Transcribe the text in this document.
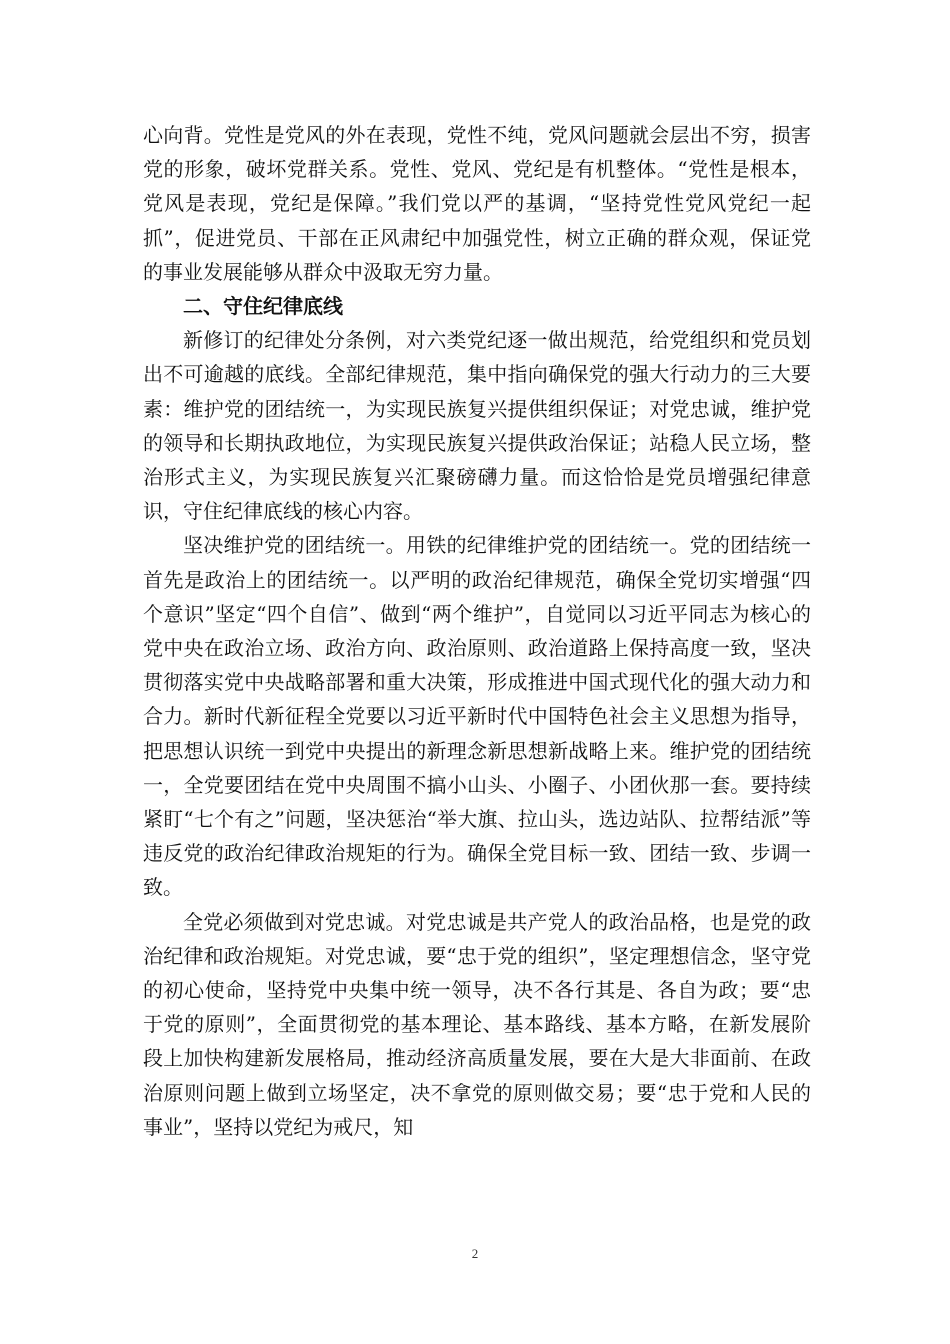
心向背。党性是党风的外在表现，党性不纯，党风问题就会层出不穷，损害党的形象，破坏党群关系。党性、党风、党纪是有机整体。“党性是根本，党风是表现，党纪是保障。”我们党以严的基调，“坚持党性党风党纪一起抓”，促进党员、干部在正风肃纪中加强党性，树立正确的群众观，保证党的事业发展能够从群众中汲取无穷力量。

二、守住纪律底线

新修订的纪律处分条例，对六类党纪逐一做出规范，给党组织和党员划出不可逾越的底线。全部纪律规范，集中指向确保党的强大行动力的三大要素：维护党的团结统一，为实现民族复兴提供组织保证；对党忠诚，维护党的领导和长期执政地位，为实现民族复兴提供政治保证；站稳人民立场，整治形式主义，为实现民族复兴汇聚磅礴力量。而这恰恰是党员增强纪律意识，守住纪律底线的核心内容。

坚决维护党的团结统一。用铁的纪律维护党的团结统一。党的团结统一首先是政治上的团结统一。以严明的政治纪律规范，确保全党切实增强“四个意识”坚定“四个自信”、做到“两个维护”，自觉同以习近平同志为核心的党中央在政治立场、政治方向、政治原则、政治道路上保持高度一致，坚决贯彻落实党中央战略部署和重大决策，形成推进中国式现代化的强大动力和合力。新时代新征程全党要以习近平新时代中国特色社会主义思想为指导，把思想认识统一到党中央提出的新理念新思想新战略上来。维护党的团结统一，全党要团结在党中央周围不搞小山头、小圈子、小团伙那一套。要持续紧盯“七个有之”问题，坚决惩治“举大旗、拉山头，选边站队、拉帮结派”等违反党的政治纪律政治规矩的行为。确保全党目标一致、团结一致、步调一致。

全党必须做到对党忠诚。对党忠诚是共产党人的政治品格，也是党的政治纪律和政治规矩。对党忠诚，要“忠于党的组织”，坚定理想信念，坚守党的初心使命，坚持党中央集中统一领导，决不各行其是、各自为政；要“忠于党的原则”，全面贯彻党的基本理论、基本路线、基本方略，在新发展阶段上加快构建新发展格局，推动经济高质量发展，要在大是大非面前、在政治原则问题上做到立场坚定，决不拿党的原则做交易；要“忠于党和人民的事业”，坚持以党纪为戒尺，知

2
